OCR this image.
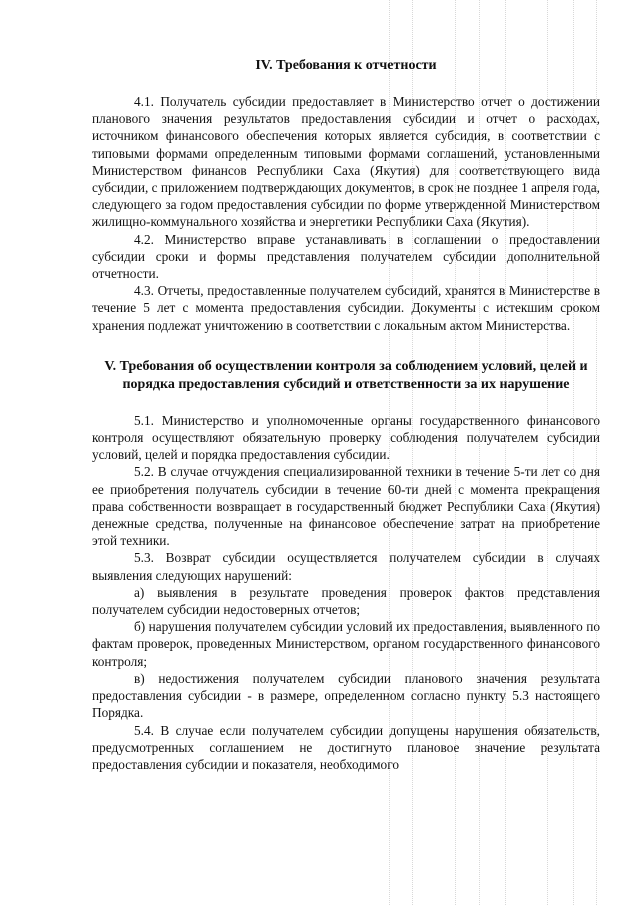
IV. Требования к отчетности

4.1. Получатель субсидии предоставляет в Министерство отчет о достижении планового значения результатов предоставления субсидии и отчет о расходах, источником финансового обеспечения которых является субсидия, в соответствии с типовыми формами определенным типовыми формами соглашений, установленными Министерством финансов Республики Саха (Якутия) для соответствующего вида субсидии, с приложением подтверждающих документов, в срок не позднее 1 апреля года, следующего за годом предоставления субсидии по форме утвержденной Министерством жилищно-коммунального хозяйства и энергетики Республики Саха (Якутия).

4.2. Министерство вправе устанавливать в соглашении о предоставлении субсидии сроки и формы представления получателем субсидии дополнительной отчетности.

4.3. Отчеты, предоставленные получателем субсидий, хранятся в Министерстве в течение 5 лет с момента предоставления субсидии. Документы с истекшим сроком хранения подлежат уничтожению в соответствии с локальным актом Министерства.

V. Требования об осуществлении контроля за соблюдением условий, целей и порядка предоставления субсидий и ответственности за их нарушение

5.1. Министерство и уполномоченные органы государственного финансового контроля осуществляют обязательную проверку соблюдения получателем субсидии условий, целей и порядка предоставления субсидии.

5.2. В случае отчуждения специализированной техники в течение 5-ти лет со дня ее приобретения получатель субсидии в течение 60-ти дней с момента прекращения права собственности возвращает в государственный бюджет Республики Саха (Якутия) денежные средства, полученные на финансовое обеспечение затрат на приобретение этой техники.

5.3. Возврат субсидии осуществляется получателем субсидии в случаях выявления следующих нарушений:

а) выявления в результате проведения проверок фактов представления получателем субсидии недостоверных отчетов;

б) нарушения получателем субсидии условий их предоставления, выявленного по фактам проверок, проведенных Министерством, органом государственного финансового контроля;

в) недостижения получателем субсидии планового значения результата предоставления субсидии - в размере, определенном согласно пункту 5.3 настоящего Порядка.

5.4. В случае если получателем субсидии допущены нарушения обязательств, предусмотренных соглашением не достигнуто плановое значение результата предоставления субсидии и показателя, необходимого
